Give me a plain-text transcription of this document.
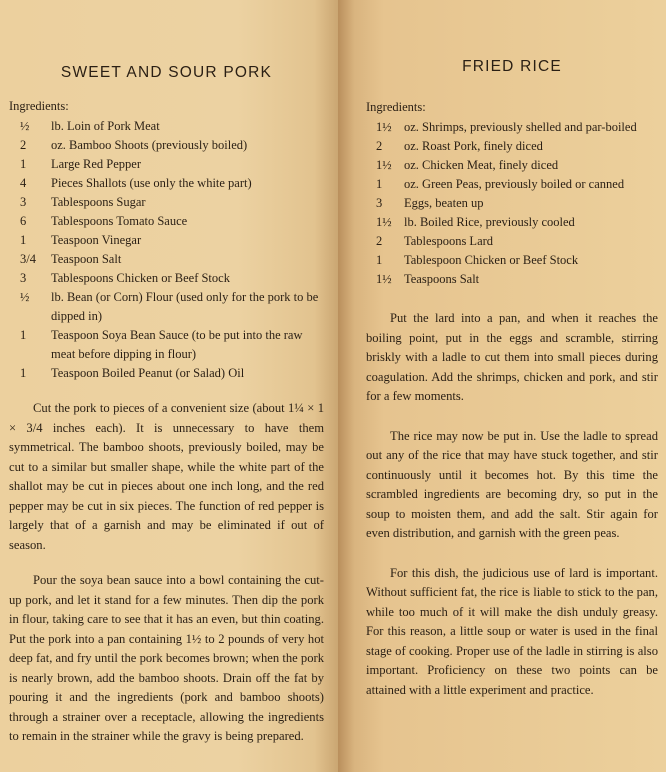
SWEET AND SOUR PORK
Ingredients:
½	lb. Loin of Pork Meat
2	oz. Bamboo Shoots (previously boiled)
1	Large Red Pepper
4	Pieces Shallots (use only the white part)
3	Tablespoons Sugar
6	Tablespoons Tomato Sauce
1	Teaspoon Vinegar
3/4	Teaspoon Salt
3	Tablespoons Chicken or Beef Stock
½	lb. Bean (or Corn) Flour (used only for the pork to be dipped in)
1	Teaspoon Soya Bean Sauce (to be put into the raw meat before dipping in flour)
1	Teaspoon Boiled Peanut (or Salad) Oil

Cut the pork to pieces of a convenient size (about 1¼ × 1 × 3/4 inches each). It is unnecessary to have them symmetrical. The bamboo shoots, previously boiled, may be cut to a similar but smaller shape, while the white part of the shallot may be cut in pieces about one inch long, and the red pepper may be cut in six pieces. The function of red pepper is largely that of a garnish and may be eliminated if out of season.

Pour the soya bean sauce into a bowl containing the cut-up pork, and let it stand for a few minutes. Then dip the pork in flour, taking care to see that it has an even, but thin coating. Put the pork into a pan containing 1½ to 2 pounds of very hot deep fat, and fry until the pork becomes brown; when the pork is nearly brown, add the bamboo shoots. Drain off the fat by pouring it and the ingredients (pork and bamboo shoots) through a strainer over a receptacle, allowing the ingredients to remain in the strainer while the gravy is being prepared.

FRIED RICE
Ingredients:
1½ oz. Shrimps, previously shelled and par-boiled
2	oz. Roast Pork, finely diced
1½ oz. Chicken Meat, finely diced
1	oz. Green Peas, previously boiled or canned
3	Eggs, beaten up
1½ lb. Boiled Rice, previously cooled
2	Tablespoons Lard
1	Tablespoon Chicken or Beef Stock
1½ Teaspoons Salt

Put the lard into a pan, and when it reaches the boiling point, put in the eggs and scramble, stirring briskly with a ladle to cut them into small pieces during coagulation. Add the shrimps, chicken and pork, and stir for a few moments.

The rice may now be put in. Use the ladle to spread out any of the rice that may have stuck together, and stir continuously until it becomes hot. By this time the scrambled ingredients are becoming dry, so put in the soup to moisten them, and add the salt. Stir again for even distribution, and garnish with the green peas.

For this dish, the judicious use of lard is important. Without sufficient fat, the rice is liable to stick to the pan, while too much of it will make the dish unduly greasy. For this reason, a little soup or water is used in the final stage of cooking. Proper use of the ladle in stirring is also important. Proficiency on these two points can be attained with a little experiment and practice.
